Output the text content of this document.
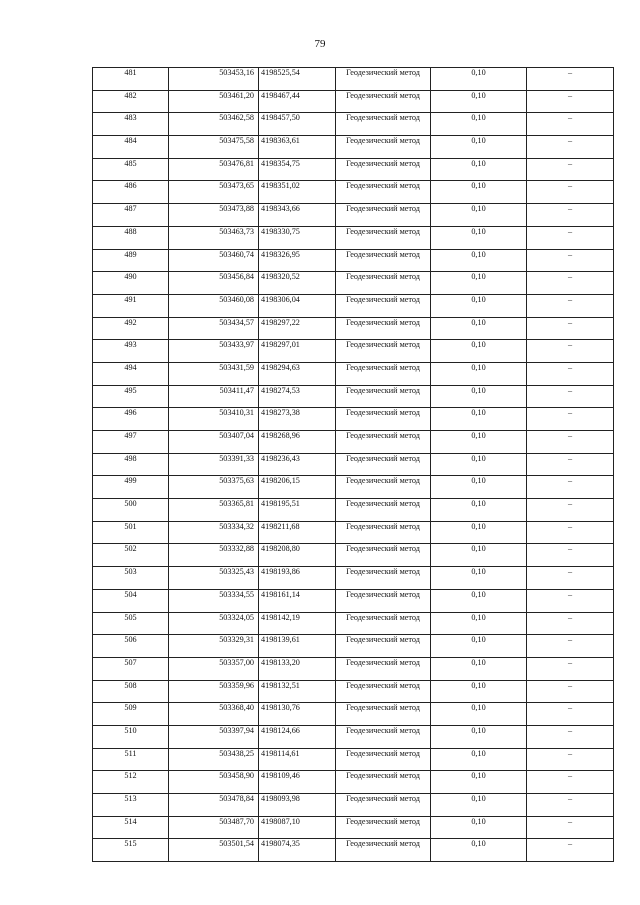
79
481	503453,16	4198525,54	Геодезический метод	0,10	–
482	503461,20	4198467,44	Геодезический метод	0,10	–
483	503462,58	4198457,50	Геодезический метод	0,10	–
484	503475,58	4198363,61	Геодезический метод	0,10	–
485	503476,81	4198354,75	Геодезический метод	0,10	–
486	503473,65	4198351,02	Геодезический метод	0,10	–
487	503473,88	4198343,66	Геодезический метод	0,10	–
488	503463,73	4198330,75	Геодезический метод	0,10	–
489	503460,74	4198326,95	Геодезический метод	0,10	–
490	503456,84	4198320,52	Геодезический метод	0,10	–
491	503460,08	4198306,04	Геодезический метод	0,10	–
492	503434,57	4198297,22	Геодезический метод	0,10	–
493	503433,97	4198297,01	Геодезический метод	0,10	–
494	503431,59	4198294,63	Геодезический метод	0,10	–
495	503411,47	4198274,53	Геодезический метод	0,10	–
496	503410,31	4198273,38	Геодезический метод	0,10	–
497	503407,04	4198268,96	Геодезический метод	0,10	–
498	503391,33	4198236,43	Геодезический метод	0,10	–
499	503375,63	4198206,15	Геодезический метод	0,10	–
500	503365,81	4198195,51	Геодезический метод	0,10	–
501	503334,32	4198211,68	Геодезический метод	0,10	–
502	503332,88	4198208,80	Геодезический метод	0,10	–
503	503325,43	4198193,86	Геодезический метод	0,10	–
504	503334,55	4198161,14	Геодезический метод	0,10	–
505	503324,05	4198142,19	Геодезический метод	0,10	–
506	503329,31	4198139,61	Геодезический метод	0,10	–
507	503357,00	4198133,20	Геодезический метод	0,10	–
508	503359,96	4198132,51	Геодезический метод	0,10	–
509	503368,40	4198130,76	Геодезический метод	0,10	–
510	503397,94	4198124,66	Геодезический метод	0,10	–
511	503438,25	4198114,61	Геодезический метод	0,10	–
512	503458,90	4198109,46	Геодезический метод	0,10	–
513	503478,84	4198093,98	Геодезический метод	0,10	–
514	503487,70	4198087,10	Геодезический метод	0,10	–
515	503501,54	4198074,35	Геодезический метод	0,10	–
